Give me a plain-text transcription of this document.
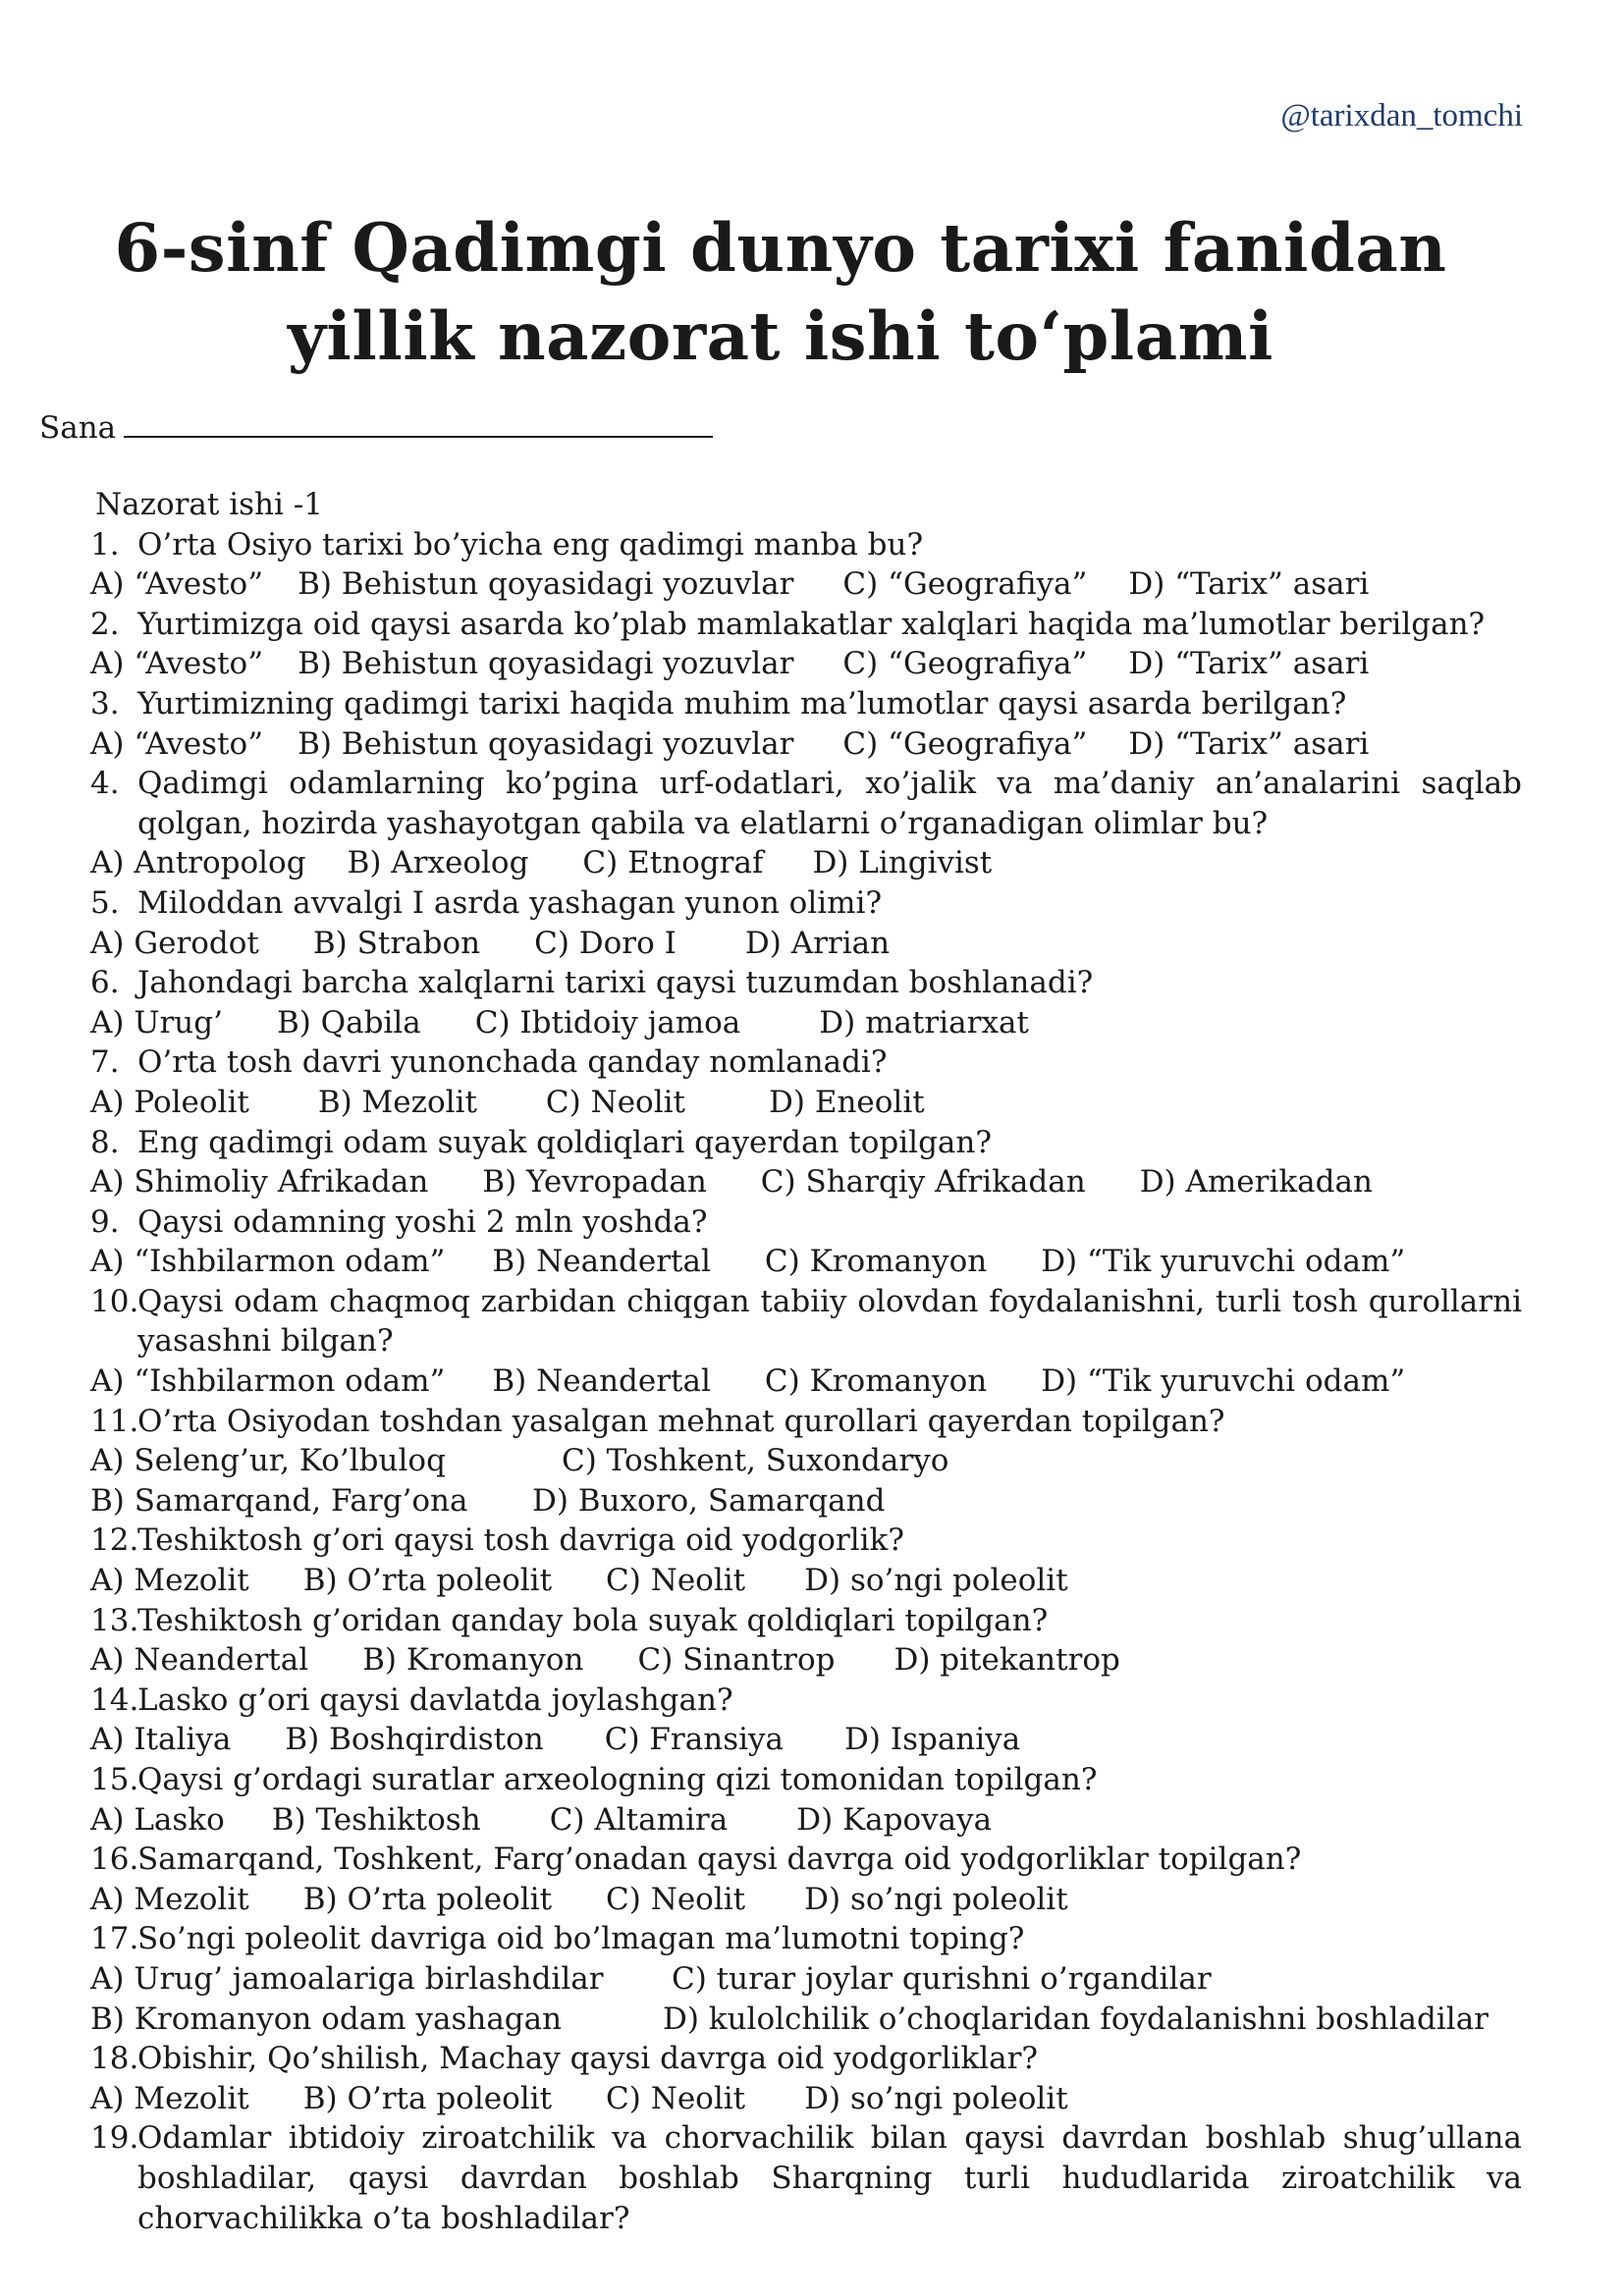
@tarixdan_tomchi
6-sinf Qadimgi dunyo tarixi fanidan
yillik nazorat ishi to‘plami
Sana
Nazorat ishi -1
1. O’rta Osiyo tarixi bo’yicha eng qadimgi manba bu?
A) “Avesto” B) Behistun qoyasidagi yozuvlar C) “Geografiya” D) “Tarix” asari
2. Yurtimizga oid qaysi asarda ko’plab mamlakatlar xalqlari haqida ma’lumotlar berilgan?
A) “Avesto” B) Behistun qoyasidagi yozuvlar C) “Geografiya” D) “Tarix” asari
3. Yurtimizning qadimgi tarixi haqida muhim ma’lumotlar qaysi asarda berilgan?
A) “Avesto” B) Behistun qoyasidagi yozuvlar C) “Geografiya” D) “Tarix” asari
4. Qadimgi odamlarning ko’pgina urf-odatlari, xo’jalik va ma’daniy an’analarini saqlab qolgan, hozirda yashayotgan qabila va elatlarni o’rganadigan olimlar bu?
A) Antropolog B) Arxeolog C) Etnograf D) Lingivist
5. Miloddan avvalgi I asrda yashagan yunon olimi?
A) Gerodot B) Strabon C) Doro I D) Arrian
6. Jahondagi barcha xalqlarni tarixi qaysi tuzumdan boshlanadi?
A) Urug’ B) Qabila C) Ibtidoiy jamoa	D) matriarxat
7. O’rta tosh davri yunonchada qanday nomlanadi?
A) Poleolit B) Mezolit C) Neolit	D) Eneolit
8. Eng qadimgi odam suyak qoldiqlari qayerdan topilgan?
A) Shimoliy Afrikadan B) Yevropadan C) Sharqiy Afrikadan D) Amerikadan
9. Qaysi odamning yoshi 2 mln yoshda?
A) “Ishbilarmon odam” B) Neandertal C) Kromanyon D) “Tik yuruvchi odam”
10.
Qaysi odam chaqmoq zarbidan chiqgan tabiiy olovdan foydalanishni, turli tosh qurollarni yasashni bilgan?
A) “Ishbilarmon odam” B) Neandertal C) Kromanyon D) “Tik yuruvchi odam”
11.
O’rta Osiyodan toshdan yasalgan mehnat qurollari qayerdan topilgan?
A) Seleng’ur, Ko’lbuloq	C) Toshkent, Suxondaryo
B) Samarqand, Farg’ona D) Buxoro, Samarqand
12.
Teshiktosh g’ori qaysi tosh davriga oid yodgorlik?
A) Mezolit B) O’rta poleolit C) Neolit D) so’ngi poleolit
13.
Teshiktosh g’oridan qanday bola suyak qoldiqlari topilgan?
A) Neandertal B) Kromanyon C) Sinantrop D) pitekantrop
14.
Lasko g’ori qaysi davlatda joylashgan?
A) Italiya B) Boshqirdiston C) Fransiya D) Ispaniya
15.
Qaysi g’ordagi suratlar arxeologning qizi tomonidan topilgan?
A) Lasko B) Teshiktosh C) Altamira D) Kapovaya
16.
Samarqand, Toshkent, Farg’onadan qaysi davrga oid yodgorliklar topilgan?
A) Mezolit B) O’rta poleolit C) Neolit D) so’ngi poleolit
17.
So’ngi poleolit davriga oid bo’lmagan ma’lumotni toping?
A) Urug’ jamoalariga birlashdilar C) turar joylar qurishni o’rgandilar
B) Kromanyon odam yashagan	D) kulolchilik o’choqlaridan foydalanishni boshladilar
18.
Obishir, Qo’shilish, Machay qaysi davrga oid yodgorliklar?
A) Mezolit B) O’rta poleolit C) Neolit D) so’ngi poleolit
19.
Odamlar ibtidoiy ziroatchilik va chorvachilik bilan qaysi davrdan boshlab shug’ullana boshladilar, qaysi davrdan boshlab Sharqning turli hududlarida ziroatchilik va chorvachilikka o’ta boshladilar?
